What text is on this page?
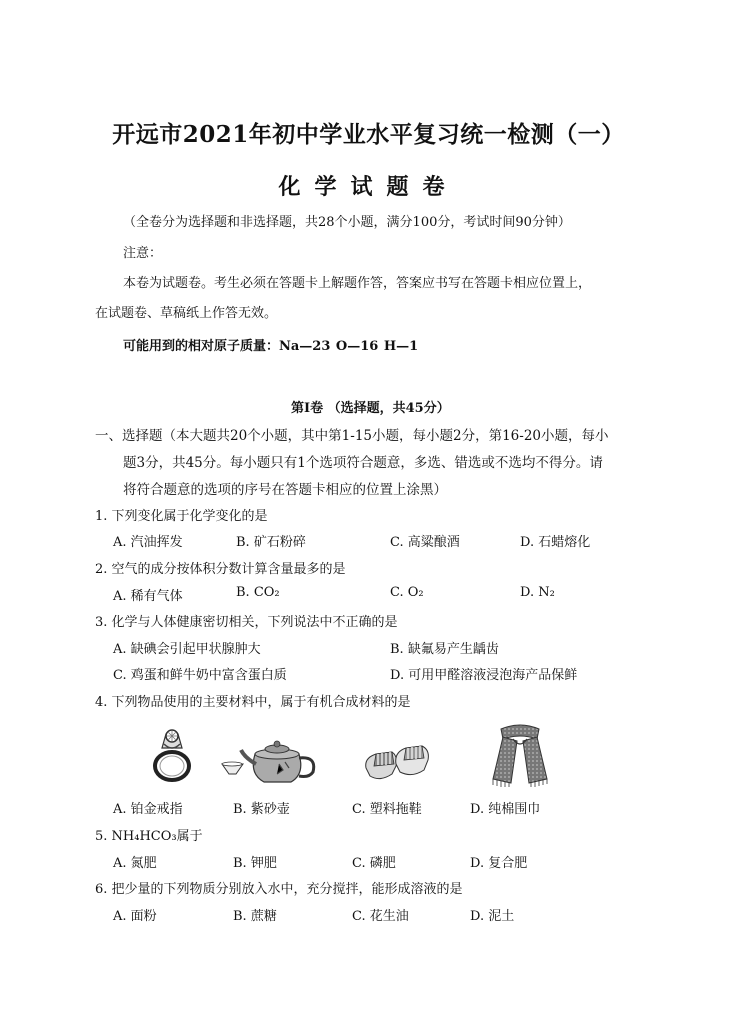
开远市2021年初中学业水平复习统一检测（一）
化学试题卷
（全卷分为选择题和非选择题，共28个小题，满分100分，考试时间90分钟）
注意：
本卷为试题卷。考生必须在答题卡上解题作答，答案应书写在答题卡相应位置上，
在试题卷、草稿纸上作答无效。
可能用到的相对原子质量：Na—23 O—16 H—1
第Ⅰ卷 （选择题，共45分）
一、选择题（本大题共20个小题，其中第1-15小题，每小题2分，第16-20小题，每小
题3分，共45分。每小题只有1个选项符合题意，多选、错选或不选均不得分。请
将符合题意的选项的序号在答题卡相应的位置上涂黑）
1. 下列变化属于化学变化的是
A. 汽油挥发	B. 矿石粉碎	C. 高粱酿酒	D. 石蜡熔化
2. 空气的成分按体积分数计算含量最多的是
A. 稀有气体	B. CO₂	C. O₂	D. N₂
3. 化学与人体健康密切相关，下列说法中不正确的是
A. 缺碘会引起甲状腺肿大	B. 缺氟易产生龋齿
C. 鸡蛋和鲜牛奶中富含蛋白质	D. 可用甲醛溶液浸泡海产品保鲜
4. 下列物品使用的主要材料中，属于有机合成材料的是
A. 铂金戒指	B. 紫砂壶	C. 塑料拖鞋	D. 纯棉围巾
5. NH₄HCO₃属于
A. 氮肥	B. 钾肥	C. 磷肥	D. 复合肥
6. 把少量的下列物质分别放入水中，充分搅拌，能形成溶液的是
A. 面粉	B. 蔗糖	C. 花生油	D. 泥土
